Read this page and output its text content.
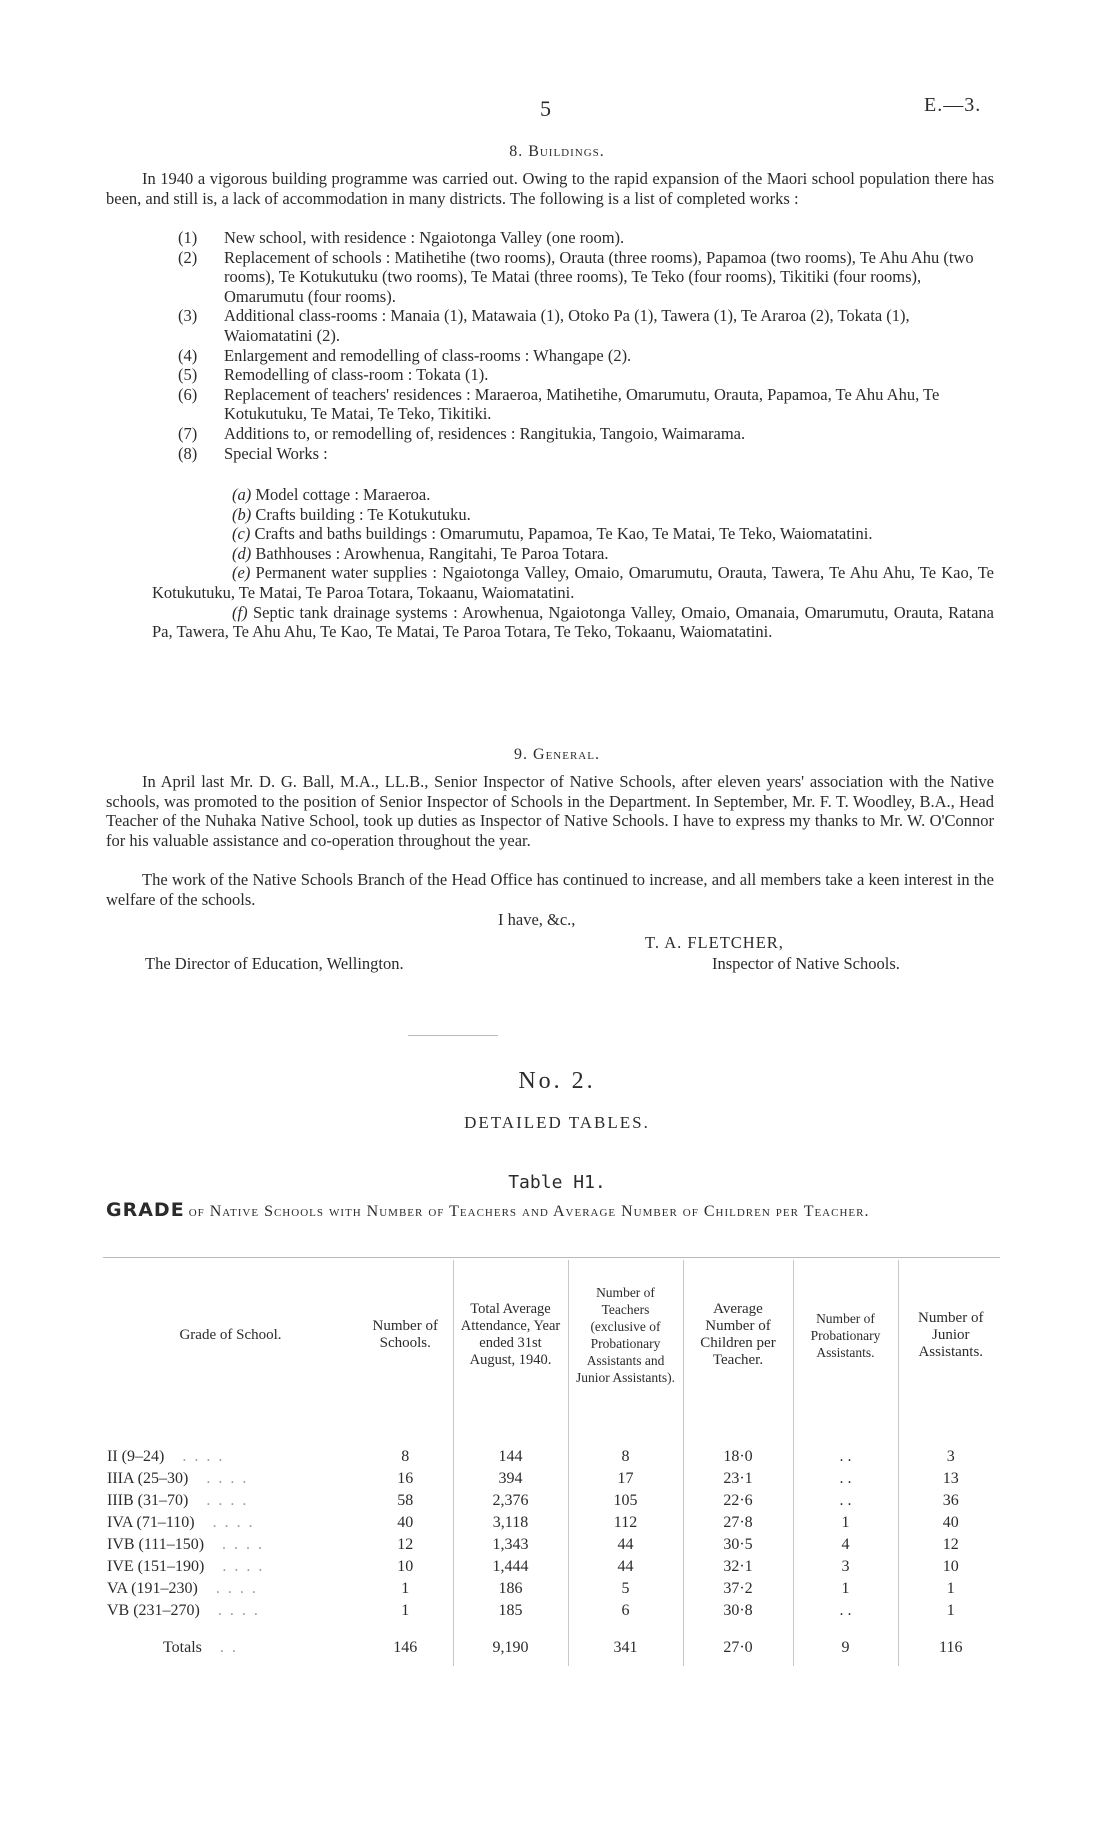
5	E.—3.
8. Buildings.
In 1940 a vigorous building programme was carried out. Owing to the rapid expansion of the Maori school population there has been, and still is, a lack of accommodation in many districts. The following is a list of completed works :
(1) New school, with residence : Ngaiotonga Valley (one room).
(2) Replacement of schools : Matihetihe (two rooms), Orauta (three rooms), Papamoa (two rooms), Te Ahu Ahu (two rooms), Te Kotukutuku (two rooms), Te Matai (three rooms), Te Teko (four rooms), Tikitiki (four rooms), Omarumutu (four rooms).
(3) Additional class-rooms : Manaia (1), Matawaia (1), Otoko Pa (1), Tawera (1), Te Araroa (2), Tokata (1), Waiomatatini (2).
(4) Enlargement and remodelling of class-rooms : Whangape (2).
(5) Remodelling of class-room : Tokata (1).
(6) Replacement of teachers' residences : Maraeroa, Matihetihe, Omarumutu, Orauta, Papamoa, Te Ahu Ahu, Te Kotukutuku, Te Matai, Te Teko, Tikitiki.
(7) Additions to, or remodelling of, residences : Rangitukia, Tangoio, Waimarama.
(8) Special Works :
(a) Model cottage : Maraeroa.
(b) Crafts building : Te Kotukutuku.
(c) Crafts and baths buildings : Omarumutu, Papamoa, Te Kao, Te Matai, Te Teko, Waiomatatini.
(d) Bathhouses : Arowhenua, Rangitahi, Te Paroa Totara.
(e) Permanent water supplies : Ngaiotonga Valley, Omaio, Omarumutu, Orauta, Tawera, Te Ahu Ahu, Te Kao, Te Kotukutuku, Te Matai, Te Paroa Totara, Tokaanu, Waiomatatini.
(f) Septic tank drainage systems : Arowhenua, Ngaiotonga Valley, Omaio, Omanaia, Omarumutu, Orauta, Ratana Pa, Tawera, Te Ahu Ahu, Te Kao, Te Matai, Te Paroa Totara, Te Teko, Tokaanu, Waiomatatini.
9. General.
In April last Mr. D. G. Ball, M.A., LL.B., Senior Inspector of Native Schools, after eleven years' association with the Native schools, was promoted to the position of Senior Inspector of Schools in the Department. In September, Mr. F. T. Woodley, B.A., Head Teacher of the Nuhaka Native School, took up duties as Inspector of Native Schools. I have to express my thanks to Mr. W. O'Connor for his valuable assistance and co-operation throughout the year.
The work of the Native Schools Branch of the Head Office has continued to increase, and all members take a keen interest in the welfare of the schools.
I have, &c.,
T. A. FLETCHER,
The Director of Education, Wellington.	Inspector of Native Schools.
No. 2.
DETAILED TABLES.
Table H1.
GRADE of Native Schools with Number of Teachers and Average Number of Children per Teacher.
Grade of School.	Number of Schools.	Total Average Attendance, Year ended 31st August, 1940.	Number of Teachers (exclusive of Probationary Assistants and Junior Assistants).	Average Number of Children per Teacher.	Number of Probationary Assistants.	Number of Junior Assistants.

II (9–24) . . . .	8	144	8	18·0	. .	3
IIIA (25–30) . . . .	16	394	17	23·1	. .	13
IIIB (31–70) . . . .	58	2,376	105	22·6	. .	36
IVA (71–110) . . . .	40	3,118	112	27·8	1	40
IVB (111–150) . . . .	12	1,343	44	30·5	4	12
IVE (151–190) . . . .	10	1,444	44	32·1	3	10
VA (191–230) . . . .	1	186	5	37·2	1	1
VB (231–270) . . . .	1	185	6	30·8	. .	1
Totals . .	146	9,190	341	27·0	9	116
